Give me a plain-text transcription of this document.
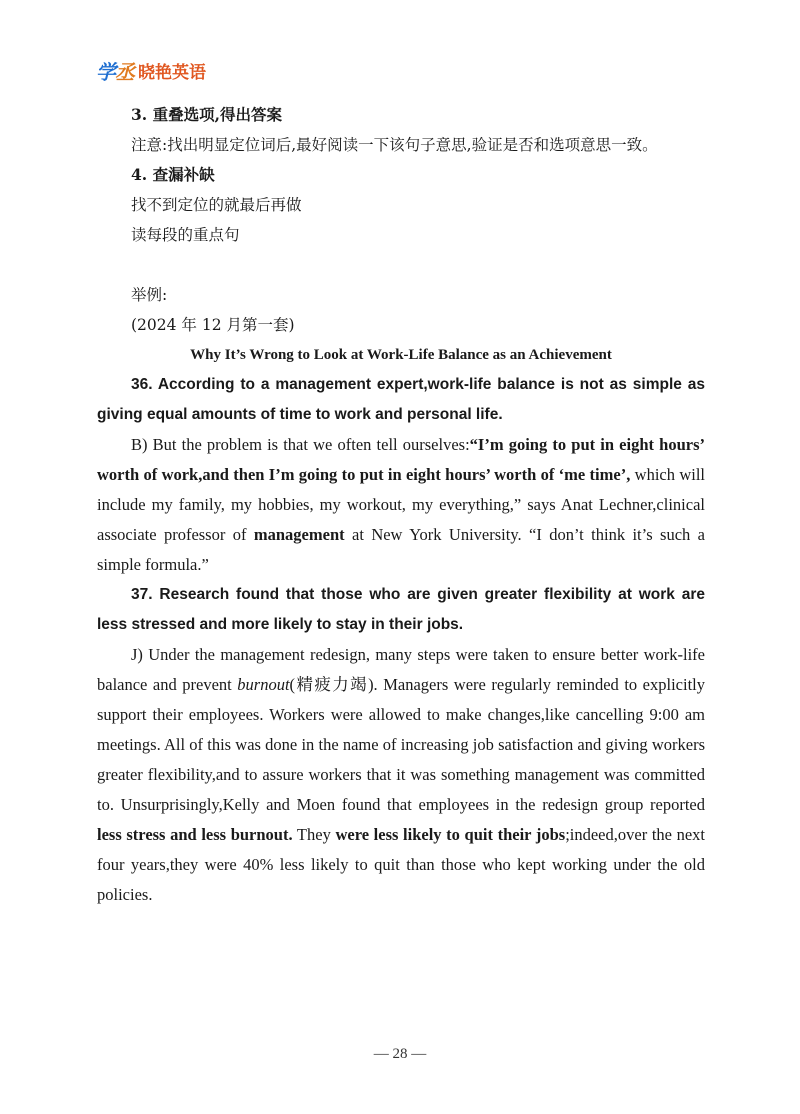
学丞 晓艳英语

3. 重叠选项,得出答案

注意:找出明显定位词后,最好阅读一下该句子意思,验证是否和选项意思一致。

4. 查漏补缺

找不到定位的就最后再做

读每段的重点句

举例:

(2024 年 12 月第一套)

Why It’s Wrong to Look at Work-Life Balance as an Achievement

36. According to a management expert,work-life balance is not as simple as giving equal amounts of time to work and personal life.

B) But the problem is that we often tell ourselves:“I’m going to put in eight hours’ worth of work,and then I’m going to put in eight hours’ worth of ‘me time’, which will include my family, my hobbies, my workout, my everything,” says Anat Lechner,clinical associate professor of management at New York University. “I don’t think it’s such a simple formula.”

37. Research found that those who are given greater flexibility at work are less stressed and more likely to stay in their jobs.

J) Under the management redesign, many steps were taken to ensure better work-life balance and prevent burnout(精疲力竭). Managers were regularly reminded to explicitly support their employees. Workers were allowed to make changes,like cancelling 9:00 am meetings. All of this was done in the name of increasing job satisfaction and giving workers greater flexibility,and to assure workers that it was something management was committed to. Unsurprisingly,Kelly and Moen found that employees in the redesign group reported less stress and less burnout. They were less likely to quit their jobs;indeed,over the next four years,they were 40% less likely to quit than those who kept working under the old policies.

— 28 —
